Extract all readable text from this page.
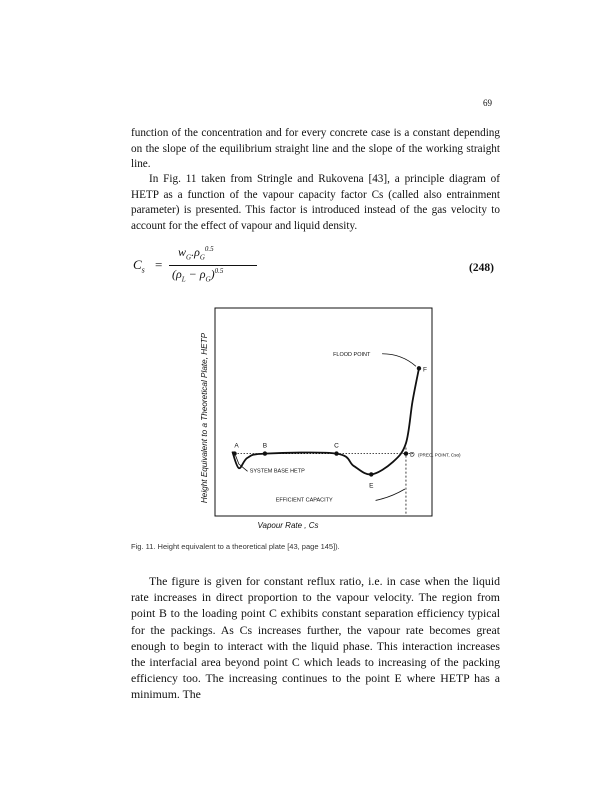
69

function of the concentration and for every concrete case is a constant depending on the slope of the equilibrium straight line and the slope of the working straight line.

In Fig. 11 taken from Stringle and Rukovena [43], a principle diagram of HETP as a function of the vapour capacity factor Cs (called also entrainment parameter) is presented. This factor is introduced instead of the gas velocity to account for the effect of vapour and liquid density.

$C_s$ =
$w_G.\rho_G^{0.5}$
$(\rho_L - \rho_G)^{0.5}$	(248)
Height Equivalent to a Theoretical Plate, HETP
Vapour Rate , Cs
A	B	C
D
E
F
FLOOD POINT
(PREC. POINT, Cso)
SYSTEM BASE HETP
EFFICIENT CAPACITY
Fig. 11. Height equivalent to a theoretical plate [43, page 145]).

The figure is given for constant reflux ratio, i.e. in case when the liquid rate increases in direct proportion to the vapour velocity. The region from point B to the loading point C exhibits constant separation efficiency typical for the packings. As Cs increases further, the vapour rate becomes great enough to begin to interact with the liquid phase. This interaction increases the interfacial area beyond point C which leads to increasing of the packing efficiency too. The increasing continues to the point E where HETP has a minimum. The
